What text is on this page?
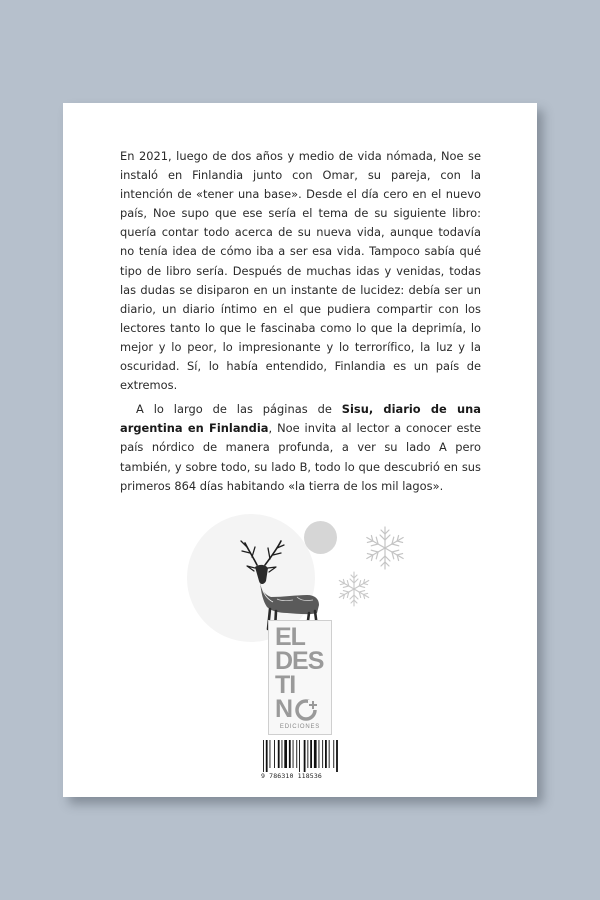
En 2021, luego de dos años y medio de vida nómada, Noe se instaló en Finlandia junto con Omar, su pareja, con la intención de «tener una base». Desde el día cero en el nuevo país, Noe supo que ese sería el tema de su siguiente libro: quería contar todo acerca de su nueva vida, aunque todavía no tenía idea de cómo iba a ser esa vida. Tampoco sabía qué tipo de libro sería. Después de muchas idas y venidas, todas las dudas se disiparon en un instante de lucidez: debía ser un diario, un diario íntimo en el que pudiera compartir con los lectores tanto lo que le fascinaba como lo que la deprimía, lo mejor y lo peor, lo impresionante y lo terrorífico, la luz y la oscuridad. Sí, lo había entendido, Finlandia es un país de extremos.

A lo largo de las páginas de Sisu, diario de una argentina en Finlandia, Noe invita al lector a conocer este país nórdico de manera profunda, a ver su lado A pero también, y sobre todo, su lado B, todo lo que descubrió en sus primeros 864 días habitando «la tierra de los mil lagos».

EL
DES
TI
N
EDICIONES
9 786310 118536
